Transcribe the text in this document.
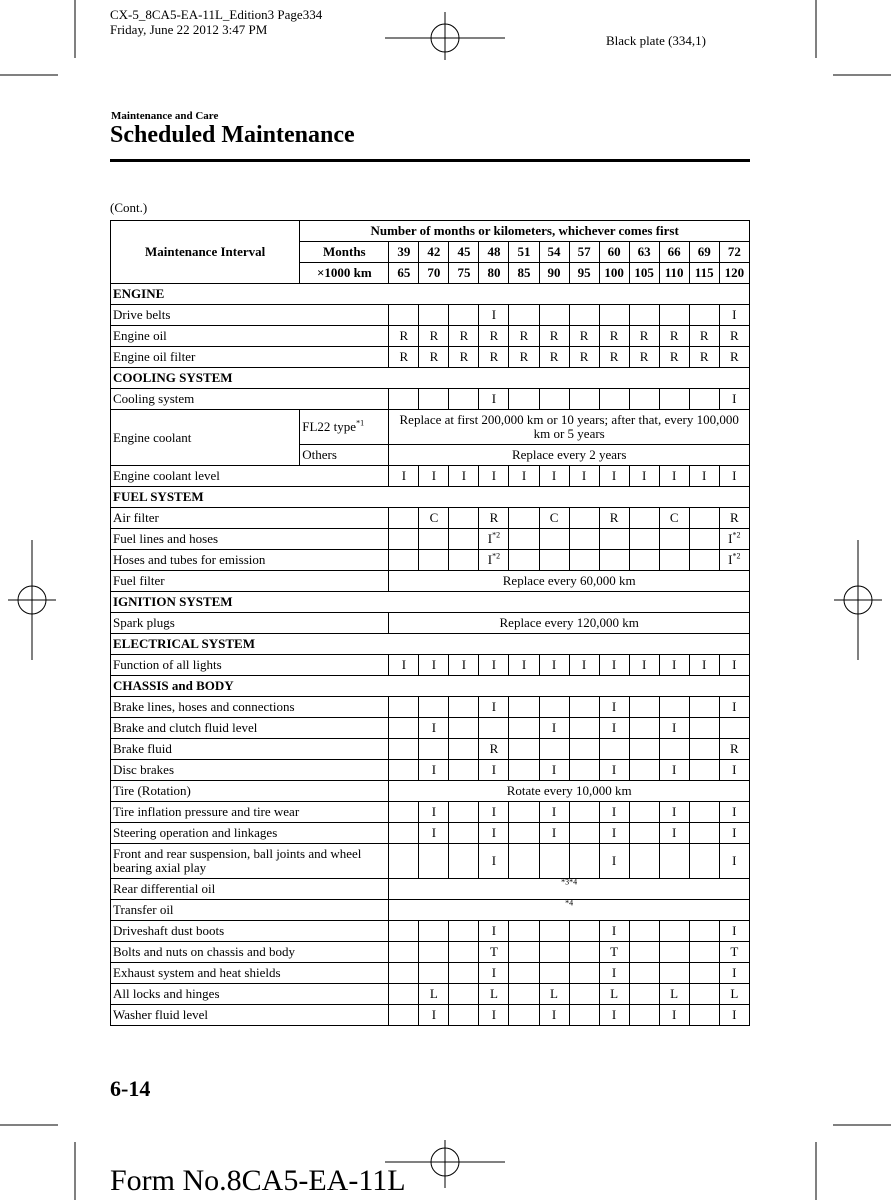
CX-5_8CA5-EA-11L_Edition3 Page334
Friday, June 22 2012 3:47 PM
Black plate (334,1)
Maintenance and Care
Scheduled Maintenance
(Cont.)
Maintenance Interval	Number of months or kilometers, whichever comes first												
	Months	39	42	45	48	51	54	57	60	63	66	69	72
	×1000 km	65	70	75	80	85	90	95	100	105	110	115	120
ENGINE													
Drive belts					I								I
Engine oil		R	R	R	R	R	R	R	R	R	R	R	R
Engine oil filter		R	R	R	R	R	R	R	R	R	R	R	R
COOLING SYSTEM													
Cooling system					I								I
Engine coolant	FL22 type$^{*1}$	Replace at first 200,000 km or 10 years; after that, every 100,000 km or 5 years											
	Others	Replace every 2 years											
Engine coolant level		I	I	I	I	I	I	I	I	I	I	I	I
FUEL SYSTEM													
Air filter			C		R		C		R		C		R
Fuel lines and hoses					$I^{*2}$								$I^{*2}$
Hoses and tubes for emission					$I^{*2}$								$I^{*2}$
Fuel filter		Replace every 60,000 km											
IGNITION SYSTEM													
Spark plugs		Replace every 120,000 km											
ELECTRICAL SYSTEM													
Function of all lights		I	I	I	I	I	I	I	I	I	I	I	I
CHASSIS and BODY													
Brake lines, hoses and connections					I				I				I
Brake and clutch fluid level			I				I		I		I		
Brake fluid					R								R
Disc brakes			I		I		I		I		I		I
Tire (Rotation)		Rotate every 10,000 km											
Tire inflation pressure and tire wear			I		I		I		I		I		I
Steering operation and linkages			I		I		I		I		I		I
Front and rear suspension, ball joints and wheel bearing axial play					I				I				I
Rear differential oil		$^{*3*4}$
Transfer oil		$^{*4}$
Driveshaft dust boots					I				I				I
Bolts and nuts on chassis and body					T				T				T
Exhaust system and heat shields					I				I				I
All locks and hinges			L		L		L		L		L		L
Washer fluid level			I		I		I		I		I		I
6-14
Form No.8CA5-EA-11L
